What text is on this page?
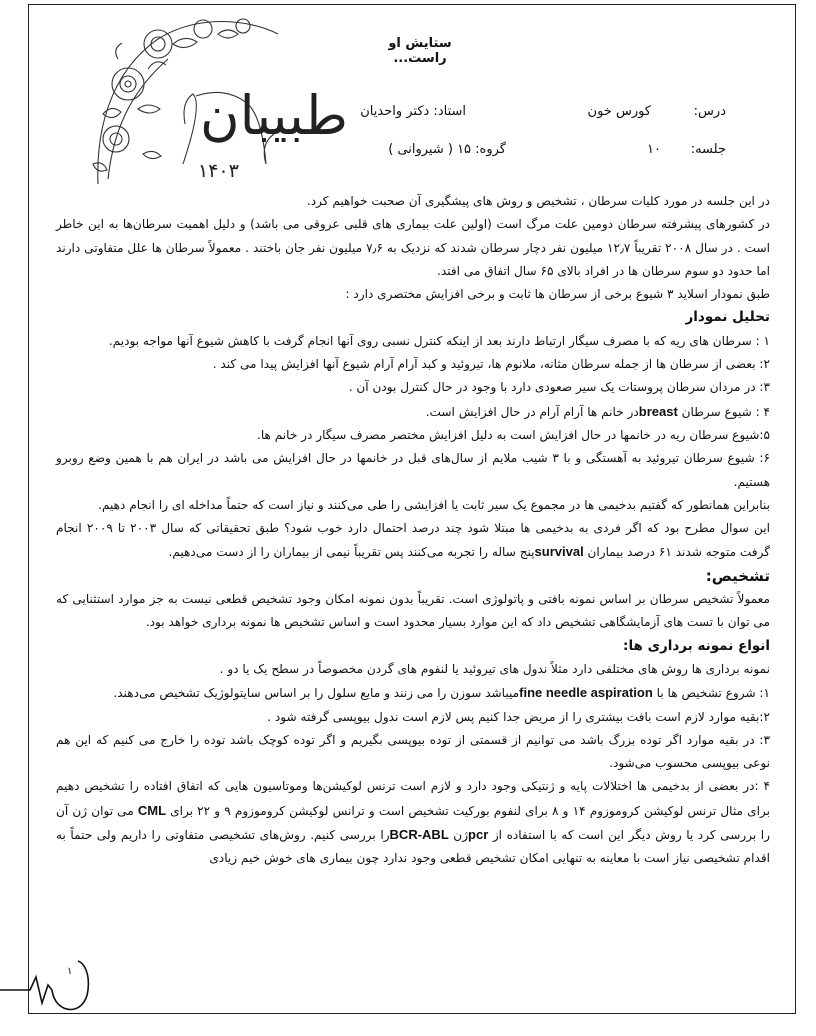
ﻃﺒﯿﺒﺎن
۱۴۰۳
ستایش او راست...
درس:
کورس خون
استاد: دکتر واحدیان
جلسه:
۱۰
گروه: ۱۵ ( شیروانی )

در این جلسه در مورد کلیات سرطان ، تشخیص و روش های پیشگیری آن صحبت خواهیم کرد.

در کشورهای پیشرفته سرطان دومین علت مرگ است (اولین علت بیماری های قلبی عروقی می باشد) و دلیل اهمیت سرطان‌ها به این خاطر است . در سال ۲۰۰۸ تقریباً ۱۲٫۷ میلیون نفر دچار سرطان شدند که نزدیک به ۷٫۶ میلیون نفر جان باختند . معمولاً سرطان ها علل متفاوتی دارند اما حدود دو سوم سرطان ها در افراد بالای ۶۵ سال اتفاق می افتد.

طبق نمودار اسلاید ۳ شیوع برخی از سرطان ها ثابت و برخی افزایش مختصری دارد :

تحلیل نمودار

۱ : سرطان های ریه که با مصرف سیگار ارتباط دارند بعد از اینکه کنترل نسبی روی آنها انجام گرفت با کاهش شیوع آنها مواجه بودیم.

۲: بعضی از سرطان ها از جمله سرطان مثانه، ملانوم ها، تیروئید و کبد آرام آرام شیوع آنها افزایش پیدا می کند .

۳: در مردان سرطان پروستات یک سیر صعودی دارد با وجود در حال کنترل بودن آن .

۴ : شیوع سرطان breastدر خانم ها آرام آرام در حال افزایش است.

۵:شیوع سرطان ریه در خانمها در حال افزایش است به دلیل افزایش مختصر مصرف سیگار در خانم ها.

۶: شیوع سرطان تیروئید به آهستگی و با ۳ شیب ملایم از سال‌های قبل در خانمها در حال افزایش می باشد در ایران هم با همین وضع روبرو هستیم.

بنابراین همانطور که گفتیم بدخیمی ها در مجموع یک سیر ثابت یا افزایشی را طی می‌کنند و نیاز است که حتماً مداخله ای را انجام دهیم.

این سوال مطرح بود که اگر فردی به بدخیمی ها مبتلا شود چند درصد احتمال دارد خوب شود؟ طبق تحقیقاتی که سال ۲۰۰۳ تا ۲۰۰۹ انجام گرفت متوجه شدند ۶۱ درصد بیماران survivalپنج ساله را تجربه می‌کنند پس تقریباً نیمی از بیماران را از دست می‌دهیم.

تشخیص:

معمولاً تشخیص سرطان بر اساس نمونه بافتی و پاتولوژی است. تقریباً بدون نمونه امکان وجود تشخیص قطعی نیست به جز موارد استثنایی که می توان با تست های آزمایشگاهی تشخیص داد که این موارد بسیار محدود است و اساس تشخیص ها نمونه برداری خواهد بود.

انواع نمونه برداری ها:

نمونه برداری ها روش های مختلفی دارد مثلاً ندول های تیروئید یا لنفوم های گردن مخصوصاً در سطح یک یا دو .

۱: شروع تشخیص ها با fine needle aspirationمیباشد سوزن را می زنند و مایع سلول را بر اساس سایتولوژیک تشخیص می‌دهند.

۲:بقیه موارد لازم است بافت بیشتری را از مریض جدا کنیم پس لازم است ندول بیوپسی گرفته شود .

۳: در بقیه موارد اگر توده بزرگ باشد می توانیم از قسمتی از توده بیوپسی بگیریم و اگر توده کوچک باشد توده را خارج می کنیم که این هم نوعی بیوپسی محسوب می‌شود.

۴ :در بعضی از بدخیمی ها اختلالات پایه و ژنتیکی وجود دارد و لازم است ترنس لوکیشن‌ها وموتاسیون هایی که اتفاق افتاده را تشخیص دهیم برای مثال ترنس لوکیشن کروموزوم ۱۴ و ۸ برای لنفوم بورکیت تشخیص است و ترانس لوکیشن کروموزوم ۹ و ۲۲ برای CML می توان ژن آن را بررسی کرد یا روش دیگر این است که با استفاده از pcrژن BCR-ABLرا بررسی کنیم. روش‌های تشخیصی متفاوتی را داریم ولی حتماً به اقدام تشخیصی نیاز است با معاینه به تنهایی امکان تشخیص قطعی وجود ندارد چون بیماری های خوش خیم زیادی

۱
